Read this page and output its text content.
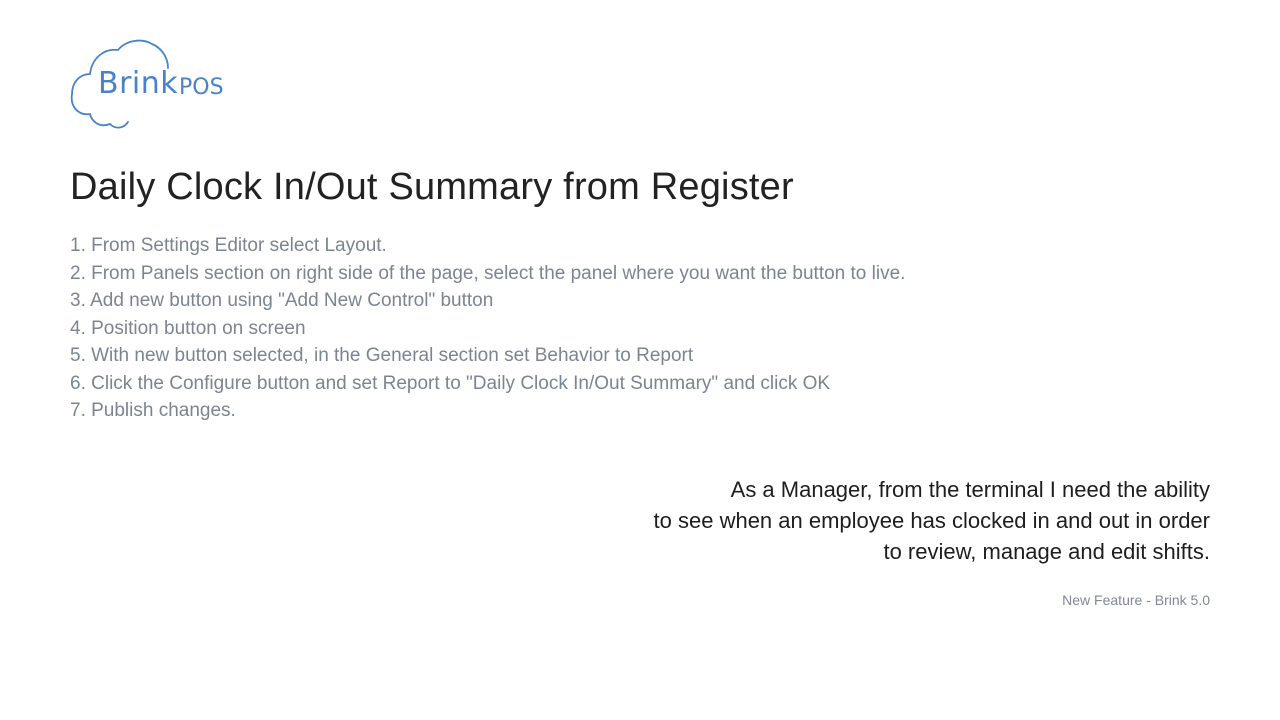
Brink POS
Daily Clock In/Out Summary from Register
1. From Settings Editor select Layout.
2. From Panels section on right side of the page, select the panel where you want the button to live.
3. Add new button using "Add New Control" button
4. Position button on screen
5. With new button selected, in the General section set Behavior to Report
6. Click the Configure button and set Report to "Daily Clock In/Out Summary" and click OK
7. Publish changes.
As a Manager, from the terminal I need the ability
to see when an employee has clocked in and out in order
to review, manage and edit shifts.
New Feature - Brink 5.0
